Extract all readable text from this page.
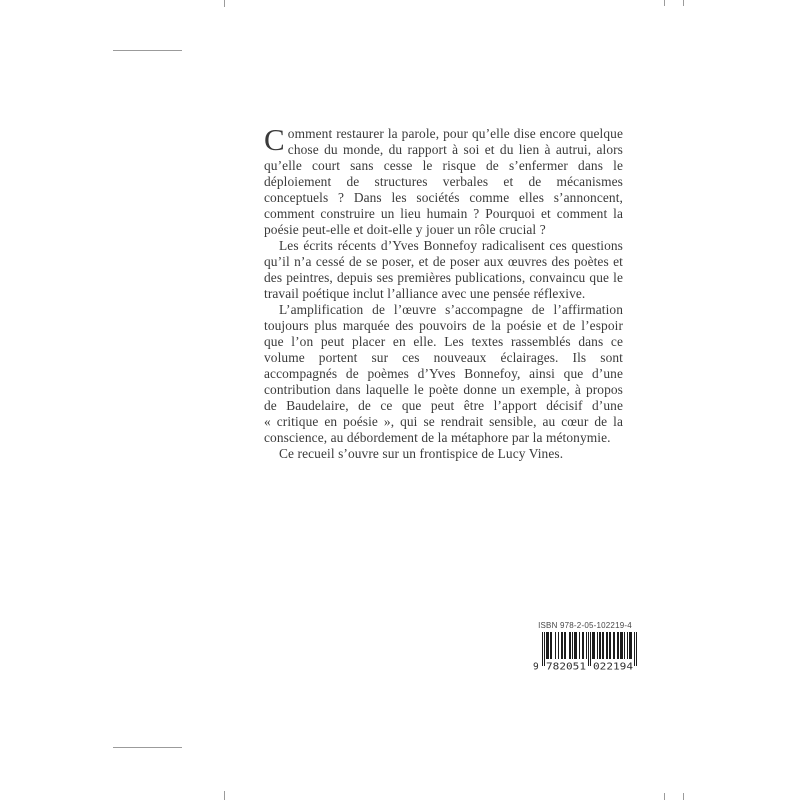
Comment restaurer la parole, pour qu’elle dise encore quelque chose du monde, du rapport à soi et du lien à autrui, alors qu’elle court sans cesse le risque de s’enfermer dans le déploiement de structures verbales et de mécanismes conceptuels ? Dans les sociétés comme elles s’annoncent, comment construire un lieu humain ? Pourquoi et comment la poésie peut-elle et doit-elle y jouer un rôle crucial ?

Les écrits récents d’Yves Bonnefoy radicalisent ces questions qu’il n’a cessé de se poser, et de poser aux œuvres des poètes et des peintres, depuis ses premières publications, convaincu que le travail poétique inclut l’alliance avec une pensée réflexive.

L’amplification de l’œuvre s’accompagne de l’affirmation toujours plus marquée des pouvoirs de la poésie et de l’espoir que l’on peut placer en elle. Les textes rassemblés dans ce volume portent sur ces nouveaux éclairages. Ils sont accompagnés de poèmes d’Yves Bonnefoy, ainsi que d’une contribution dans laquelle le poète donne un exemple, à propos de Baudelaire, de ce que peut être l’apport décisif d’une « critique en poésie », qui se rendrait sensible, au cœur de la conscience, au débordement de la métaphore par la métonymie.

Ce recueil s’ouvre sur un frontispice de Lucy Vines.

ISBN 978-2-05-102219-4
9 782051 022194
